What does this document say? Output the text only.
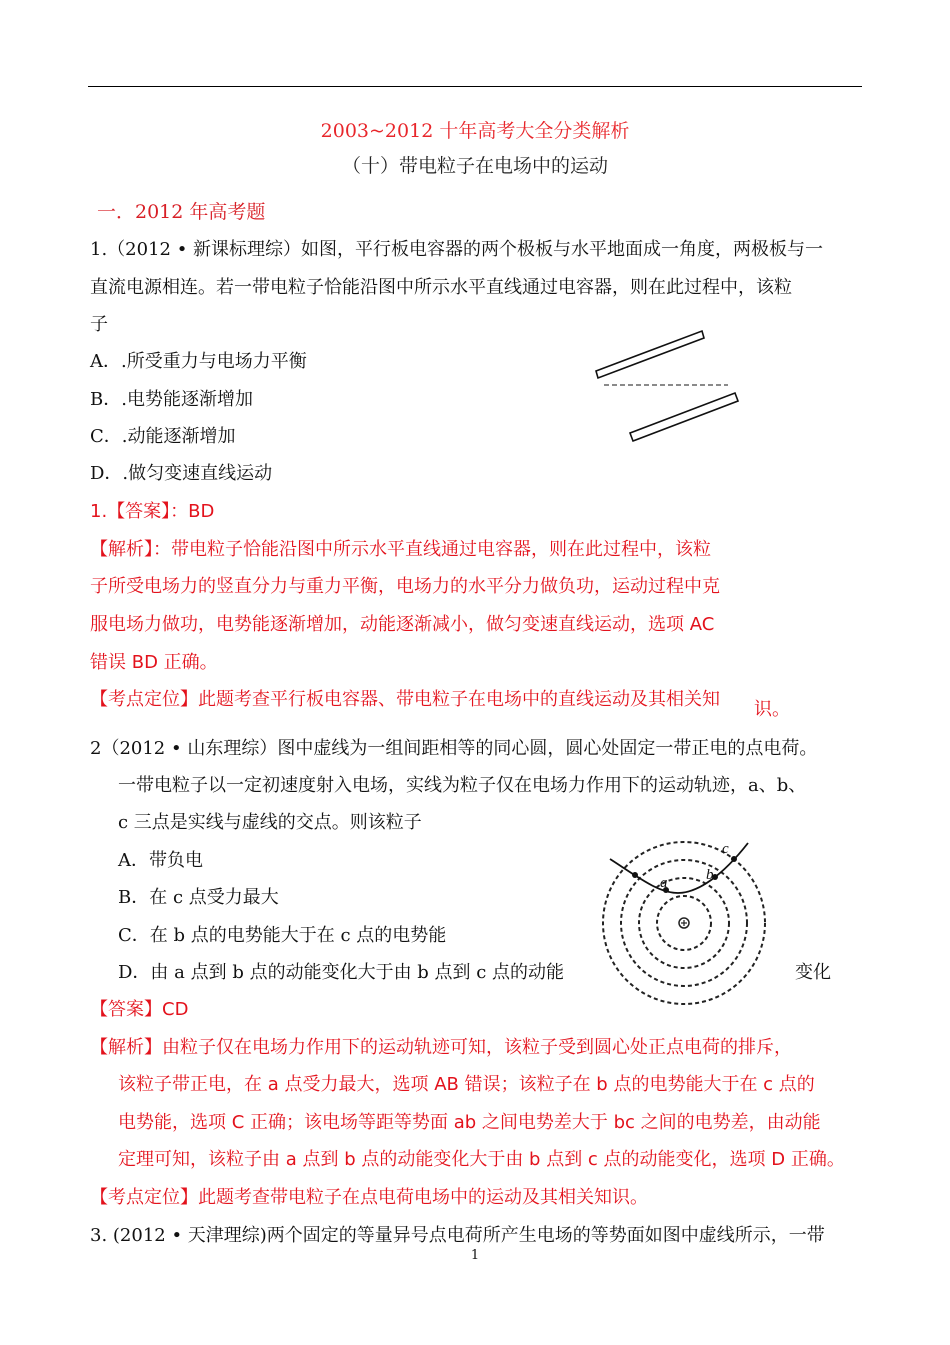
2003~2012 十年高考大全分类解析
（十）带电粒子在电场中的运动
一．2012 年高考题
1.（2012 • 新课标理综）如图，平行板电容器的两个极板与水平地面成一角度，两极板与一
直流电源相连。若一带电粒子恰能沿图中所示水平直线通过电容器，则在此过程中，该粒
子
A．.所受重力与电场力平衡
B．.电势能逐渐增加
C．.动能逐渐增加
D．.做匀变速直线运动
1.【答案】：BD
【解析】：带电粒子恰能沿图中所示水平直线通过电容器，则在此过程中，该粒
子所受电场力的竖直分力与重力平衡，电场力的水平分力做负功，运动过程中克
服电场力做功，电势能逐渐增加，动能逐渐减小，做匀变速直线运动，选项 AC
错误 BD 正确。
【考点定位】此题考查平行板电容器、带电粒子在电场中的直线运动及其相关知 识。
2（2012 • 山东理综）图中虚线为一组间距相等的同心圆，圆心处固定一带正电的点电荷。
一带电粒子以一定初速度射入电场，实线为粒子仅在电场力作用下的运动轨迹，a、b、
c 三点是实线与虚线的交点。则该粒子
A．带负电
B．在 c 点受力最大
C．在 b 点的电势能大于在 c 点的电势能
D．由 a 点到 b 点的动能变化大于由 b 点到 c 点的动能	变化
a	b
c
【答案】CD
【解析】由粒子仅在电场力作用下的运动轨迹可知，该粒子受到圆心处正点电荷的排斥，
该粒子带正电，在 a 点受力最大，选项 AB 错误；该粒子在 b 点的电势能大于在 c 点的
电势能，选项 C 正确；该电场等距等势面 ab 之间电势差大于 bc 之间的电势差，由动能
定理可知，该粒子由 a 点到 b 点的动能变化大于由 b 点到 c 点的动能变化，选项 D 正确。
【考点定位】此题考查带电粒子在点电荷电场中的运动及其相关知识。
3. (2012 • 天津理综)两个固定的等量异号点电荷所产生电场的等势面如图中虚线所示，一带
1
